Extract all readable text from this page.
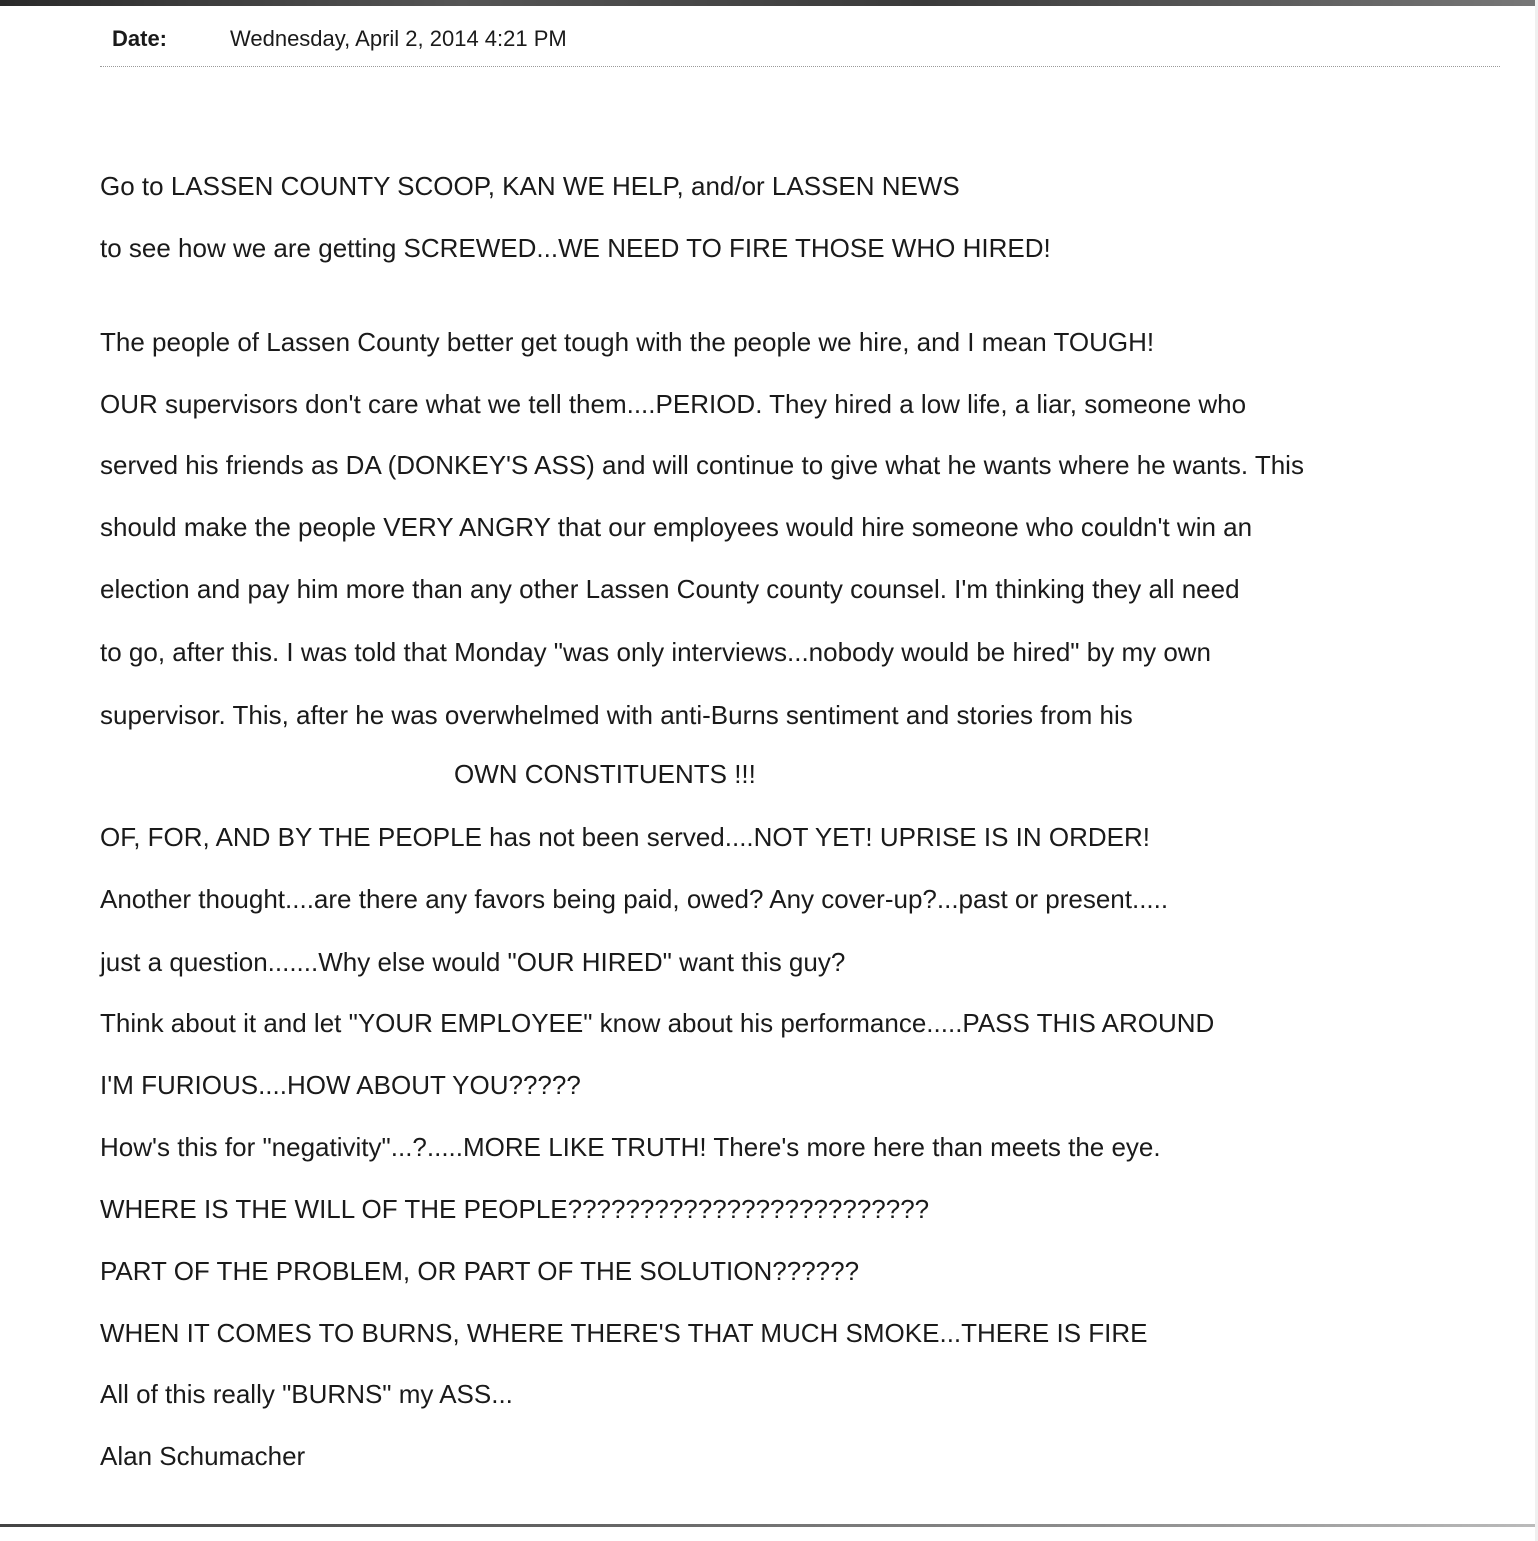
Date:	Wednesday, April 2, 2014 4:21 PM
Go to LASSEN COUNTY SCOOP, KAN WE HELP, and/or LASSEN NEWS
to see how we are getting SCREWED...WE NEED TO FIRE THOSE WHO HIRED!
The people of Lassen County better get tough with the people we hire, and I mean TOUGH!
OUR supervisors don't care what we tell them....PERIOD. They hired a low life, a liar, someone who
served his friends as DA (DONKEY'S ASS) and will continue to give what he wants where he wants. This
should make the people VERY ANGRY that our employees would hire someone who couldn't win an
election and pay him more than any other Lassen County county counsel. I'm thinking they all need
to go, after this. I was told that Monday "was only interviews...nobody would be hired" by my own
supervisor. This, after he was overwhelmed with anti-Burns sentiment and stories from his
OWN CONSTITUENTS !!!
OF, FOR, AND BY THE PEOPLE has not been served....NOT YET! UPRISE IS IN ORDER!
Another thought....are there any favors being paid, owed? Any cover-up?...past or present.....
just a question.......Why else would "OUR HIRED" want this guy?
Think about it and let "YOUR EMPLOYEE" know about his performance.....PASS THIS AROUND
I'M FURIOUS....HOW ABOUT YOU?????
How's this for "negativity"...?.....MORE LIKE TRUTH! There's more here than meets the eye.
WHERE IS THE WILL OF THE PEOPLE?????????????????????????
PART OF THE PROBLEM, OR PART OF THE SOLUTION??????
WHEN IT COMES TO BURNS, WHERE THERE'S THAT MUCH SMOKE...THERE IS FIRE
All of this really "BURNS" my ASS...
Alan Schumacher
